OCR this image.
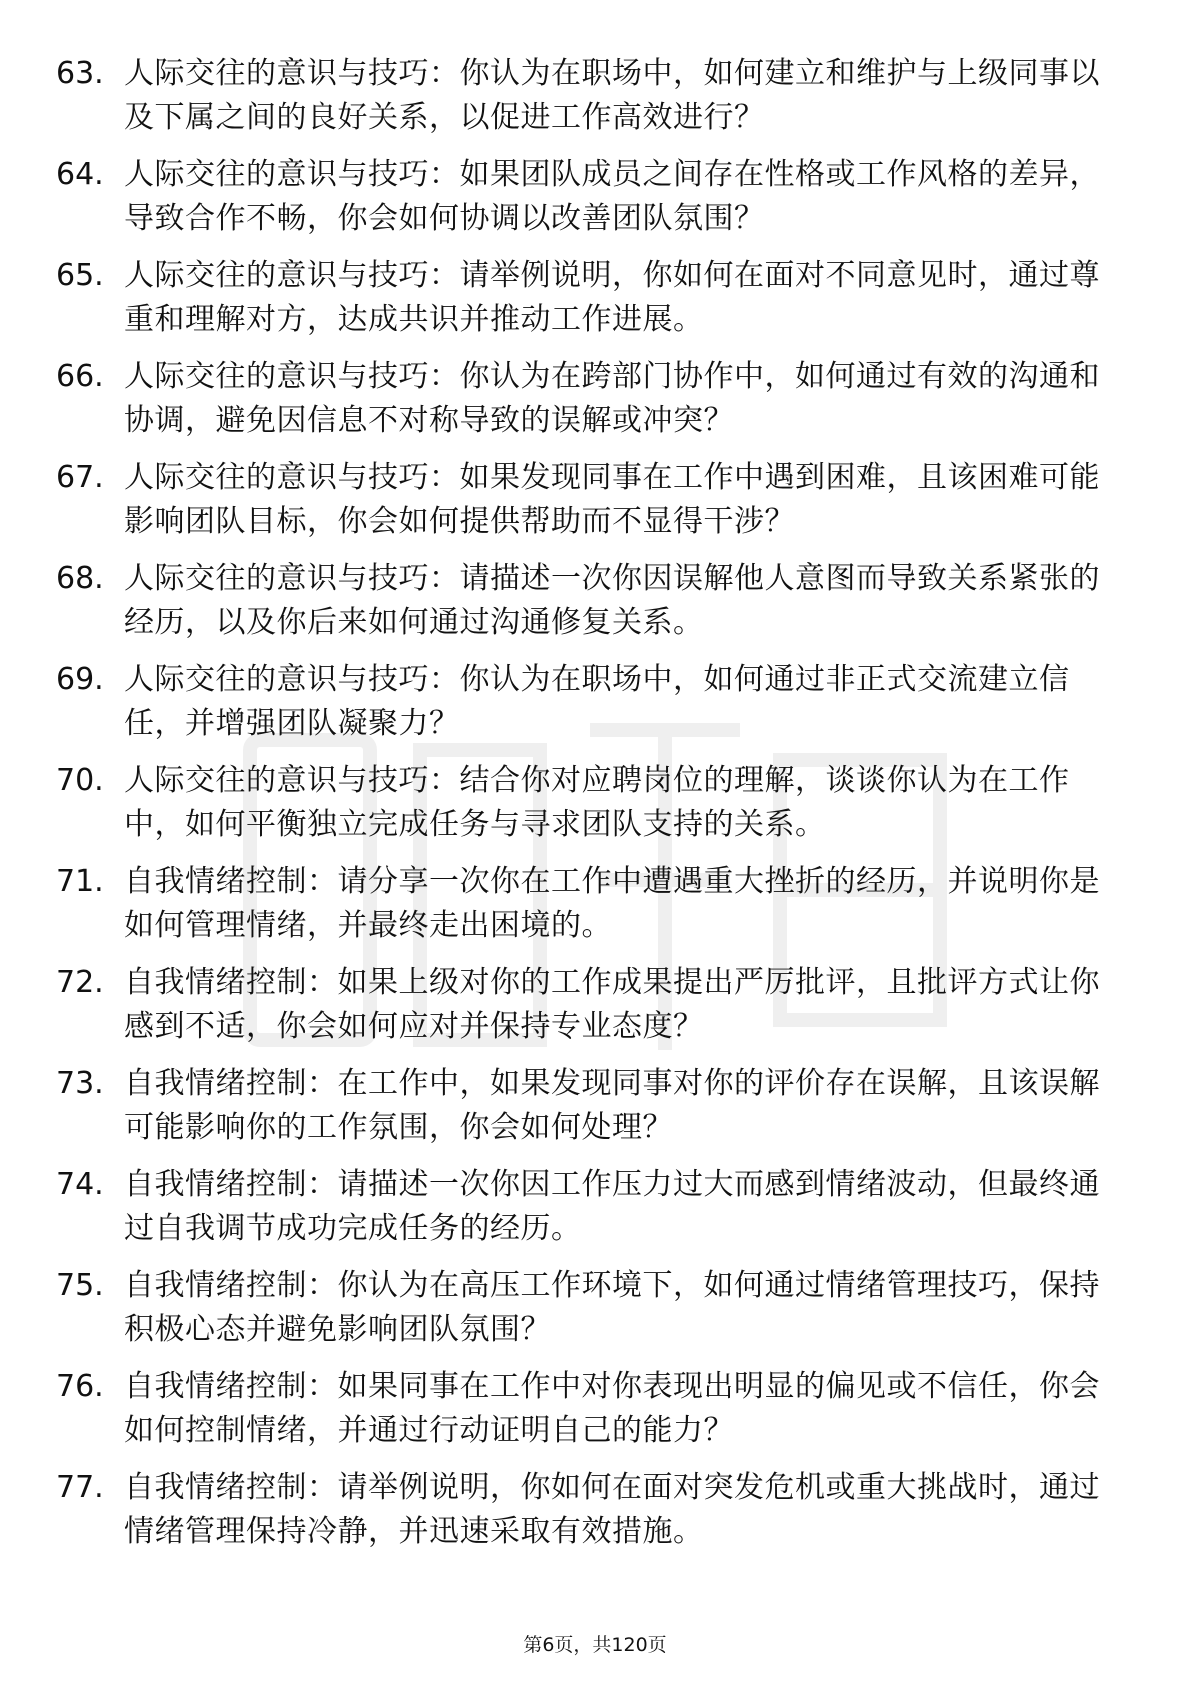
63. 人际交往的意识与技巧：你认为在职场中，如何建立和维护与上级同事以及下属之间的良好关系，以促进工作高效进行？
64. 人际交往的意识与技巧：如果团队成员之间存在性格或工作风格的差异，导致合作不畅，你会如何协调以改善团队氛围？
65. 人际交往的意识与技巧：请举例说明，你如何在面对不同意见时，通过尊重和理解对方，达成共识并推动工作进展。
66. 人际交往的意识与技巧：你认为在跨部门协作中，如何通过有效的沟通和协调，避免因信息不对称导致的误解或冲突？
67. 人际交往的意识与技巧：如果发现同事在工作中遇到困难，且该困难可能影响团队目标，你会如何提供帮助而不显得干涉？
68. 人际交往的意识与技巧：请描述一次你因误解他人意图而导致关系紧张的经历，以及你后来如何通过沟通修复关系。
69. 人际交往的意识与技巧：你认为在职场中，如何通过非正式交流建立信任，并增强团队凝聚力？
70. 人际交往的意识与技巧：结合你对应聘岗位的理解，谈谈你认为在工作中，如何平衡独立完成任务与寻求团队支持的关系。
71. 自我情绪控制：请分享一次你在工作中遭遇重大挫折的经历，并说明你是如何管理情绪，并最终走出困境的。
72. 自我情绪控制：如果上级对你的工作成果提出严厉批评，且批评方式让你感到不适，你会如何应对并保持专业态度？
73. 自我情绪控制：在工作中，如果发现同事对你的评价存在误解，且该误解可能影响你的工作氛围，你会如何处理？
74. 自我情绪控制：请描述一次你因工作压力过大而感到情绪波动，但最终通过自我调节成功完成任务的经历。
75. 自我情绪控制：你认为在高压工作环境下，如何通过情绪管理技巧，保持积极心态并避免影响团队氛围？
76. 自我情绪控制：如果同事在工作中对你表现出明显的偏见或不信任，你会如何控制情绪，并通过行动证明自己的能力？
77. 自我情绪控制：请举例说明，你如何在面对突发危机或重大挑战时，通过情绪管理保持冷静，并迅速采取有效措施。
第6页，共120页
